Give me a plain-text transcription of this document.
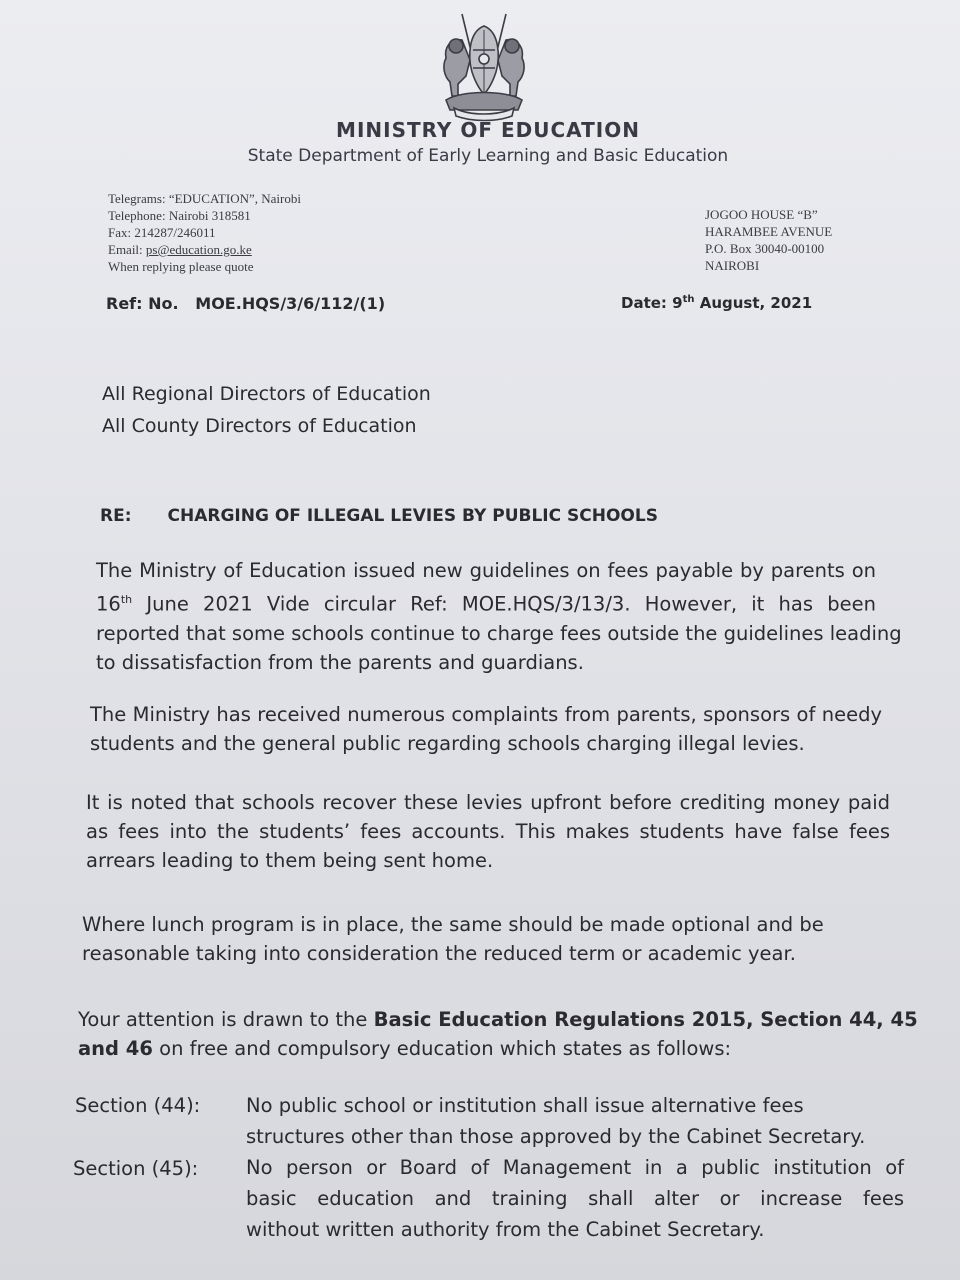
MINISTRY OF EDUCATION
State Department of Early Learning and Basic Education
Telegrams: “EDUCATION”, Nairobi
Telephone: Nairobi 318581
Fax: 214287/246011
Email: ps@education.go.ke
When replying please quote
JOGOO HOUSE “B”
HARAMBEE AVENUE
P.O. Box 30040-00100
NAIROBI
Ref: No. MOE.HQS/3/6/112/(1)	Date: 9th August, 2021
All Regional Directors of Education
All County Directors of Education
RE: CHARGING OF ILLEGAL LEVIES BY PUBLIC SCHOOLS
The Ministry of Education issued new guidelines on fees payable by parents on
16th June 2021 Vide circular Ref: MOE.HQS/3/13/3. However, it has been
reported that some schools continue to charge fees outside the guidelines leading
to dissatisfaction from the parents and guardians.
The Ministry has received numerous complaints from parents, sponsors of needy
students and the general public regarding schools charging illegal levies.
It is noted that schools recover these levies upfront before crediting money paid
as fees into the students’ fees accounts. This makes students have false fees
arrears leading to them being sent home.
Where lunch program is in place, the same should be made optional and be
reasonable taking into consideration the reduced term or academic year.
Your attention is drawn to the Basic Education Regulations 2015, Section 44, 45
and 46 on free and compulsory education which states as follows:
Section (44): No public school or institution shall issue alternative fees
structures other than those approved by the Cabinet Secretary.
Section (45): No person or Board of Management in a public institution of
basic education and training shall alter or increase fees
without written authority from the Cabinet Secretary.
